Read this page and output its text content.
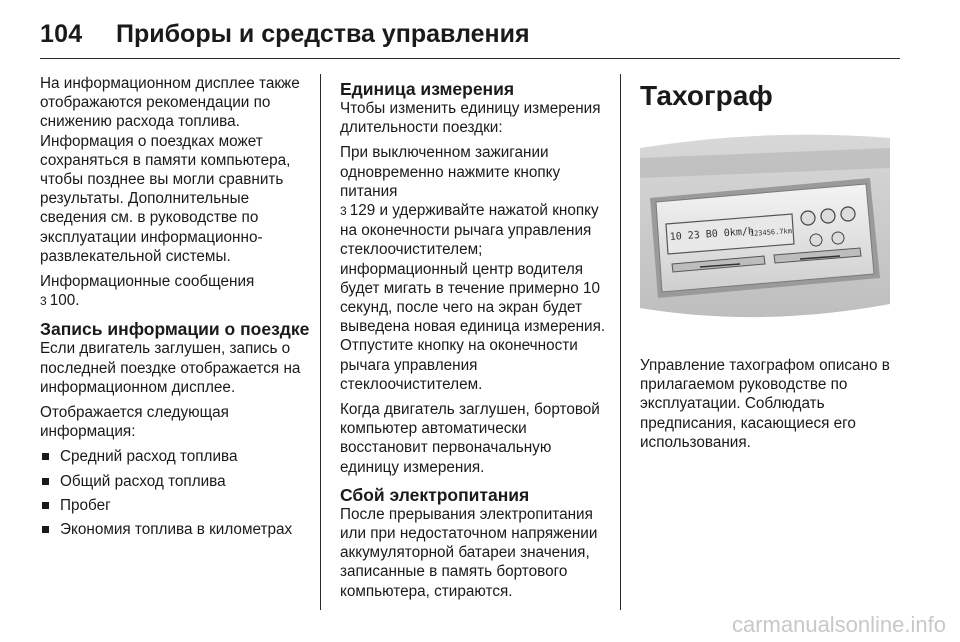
104	Приборы и средства управления
На информационном дисплее также отображаются рекомендации по снижению расхода топлива. Информация о поездках может сохраняться в памяти компьютера, чтобы позднее вы могли сравнить результаты. Дополнительные сведения см. в руководстве по эксплуатации информационно-развлекательной системы.
Информационные сообщения
3 100.
Запись информации о поездке
Если двигатель заглушен, запись о последней поездке отображается на информационном дисплее.
Отображается следующая информация:
Средний расход топлива
Общий расход топлива
Пробег
Экономия топлива в километрах
Единица измерения
Чтобы изменить единицу измерения длительности поездки:
При выключенном зажигании одновременно нажмите кнопку питания
3 129 и удерживайте нажатой кнопку на оконечности рычага управления стеклоочистителем; информационный центр водителя будет мигать в течение примерно 10 секунд, после чего на экран будет выведена новая единица измерения. Отпустите кнопку на оконечности рычага управления стеклоочистителем.
Когда двигатель заглушен, бортовой компьютер автоматически восстановит первоначальную единицу измерения.
Сбой электропитания
После прерывания электропитания или при недостаточном напряжении аккумуляторной батареи значения, записанные в память бортового компьютера, стираются.
Тахограф
10 23 B0 0km/h
123456.7km
Управление тахографом описано в прилагаемом руководстве по эксплуатации. Соблюдать предписания, касающиеся его использования.
carmanualsonline.info
